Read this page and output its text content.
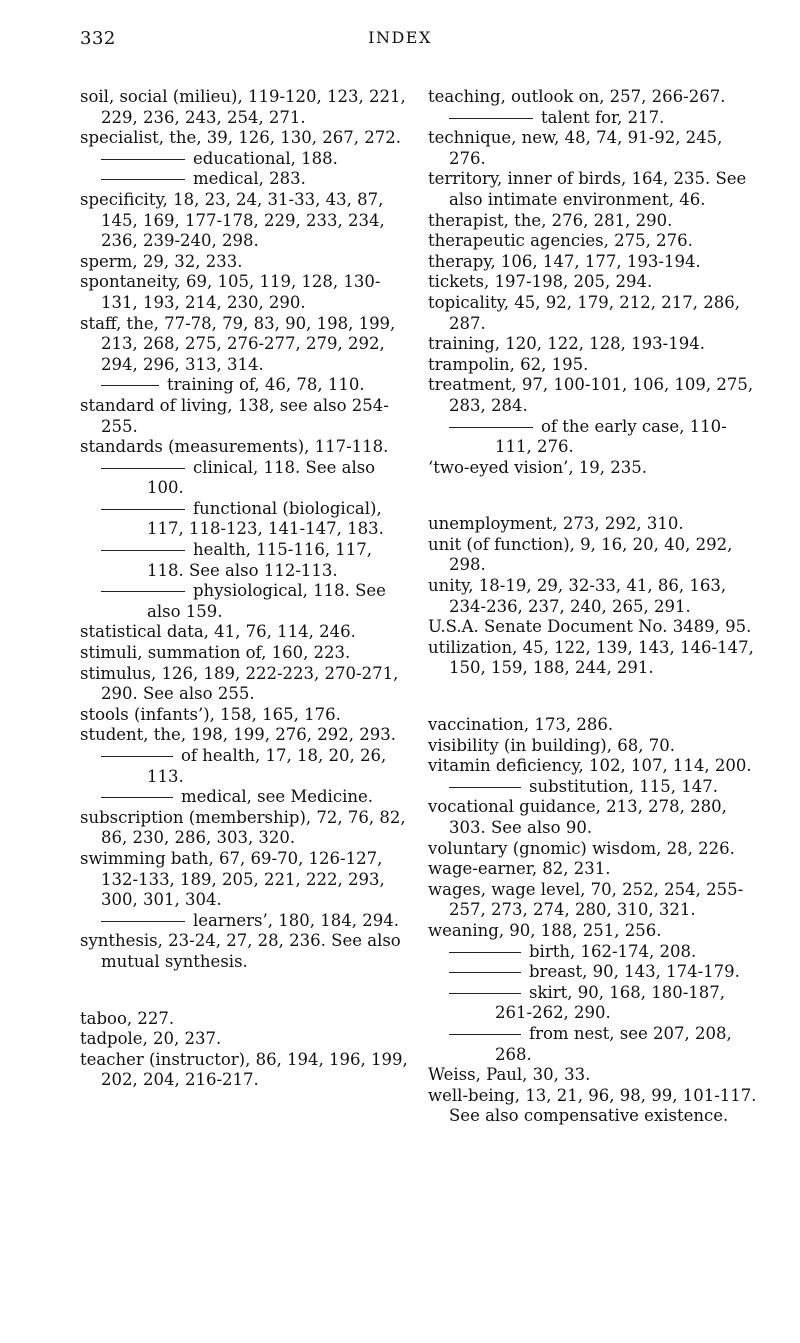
332	INDEX
soil, social (milieu), 119-120, 123, 221, 229, 236, 243, 254, 271.
specialist, the, 39, 126, 130, 267, 272.
educational, 188.
medical, 283.
specificity, 18, 23, 24, 31-33, 43, 87, 145, 169, 177-178, 229, 233, 234, 236, 239-240, 298.
sperm, 29, 32, 233.
spontaneity, 69, 105, 119, 128, 130-131, 193, 214, 230, 290.
staff, the, 77-78, 79, 83, 90, 198, 199, 213, 268, 275, 276-277, 279, 292, 294, 296, 313, 314.
training of, 46, 78, 110.
standard of living, 138, see also 254-255.
standards (measurements), 117-118.
clinical, 118. See also 100.
functional (biological), 117, 118-123, 141-147, 183.
health, 115-116, 117, 118. See also 112-113.
physiological, 118. See also 159.
statistical data, 41, 76, 114, 246.
stimuli, summation of, 160, 223.
stimulus, 126, 189, 222-223, 270-271, 290. See also 255.
stools (infants’), 158, 165, 176.
student, the, 198, 199, 276, 292, 293.
of health, 17, 18, 20, 26, 113.
medical, see Medicine.
subscription (membership), 72, 76, 82, 86, 230, 286, 303, 320.
swimming bath, 67, 69-70, 126-127, 132-133, 189, 205, 221, 222, 293, 300, 301, 304.
learners’, 180, 184, 294.
synthesis, 23-24, 27, 28, 236. See also mutual synthesis.
taboo, 227.
tadpole, 20, 237.
teacher (instructor), 86, 194, 196, 199, 202, 204, 216-217.
teaching, outlook on, 257, 266-267.
talent for, 217.
technique, new, 48, 74, 91-92, 245, 276.
territory, inner of birds, 164, 235. See also intimate environment, 46.
therapist, the, 276, 281, 290.
therapeutic agencies, 275, 276.
therapy, 106, 147, 177, 193-194.
tickets, 197-198, 205, 294.
topicality, 45, 92, 179, 212, 217, 286, 287.
training, 120, 122, 128, 193-194.
trampolin, 62, 195.
treatment, 97, 100-101, 106, 109, 275, 283, 284.
of the early case, 110-111, 276.
‘two-eyed vision’, 19, 235.
unemployment, 273, 292, 310.
unit (of function), 9, 16, 20, 40, 292, 298.
unity, 18-19, 29, 32-33, 41, 86, 163, 234-236, 237, 240, 265, 291.
U.S.A. Senate Document No. 3489, 95.
utilization, 45, 122, 139, 143, 146-147, 150, 159, 188, 244, 291.
vaccination, 173, 286.
visibility (in building), 68, 70.
vitamin deficiency, 102, 107, 114, 200.
substitution, 115, 147.
vocational guidance, 213, 278, 280, 303. See also 90.
voluntary (gnomic) wisdom, 28, 226.
wage-earner, 82, 231.
wages, wage level, 70, 252, 254, 255-257, 273, 274, 280, 310, 321.
weaning, 90, 188, 251, 256.
birth, 162-174, 208.
breast, 90, 143, 174-179.
skirt, 90, 168, 180-187, 261-262, 290.
from nest, see 207, 208, 268.
Weiss, Paul, 30, 33.
well-being, 13, 21, 96, 98, 99, 101-117. See also compensative existence.
